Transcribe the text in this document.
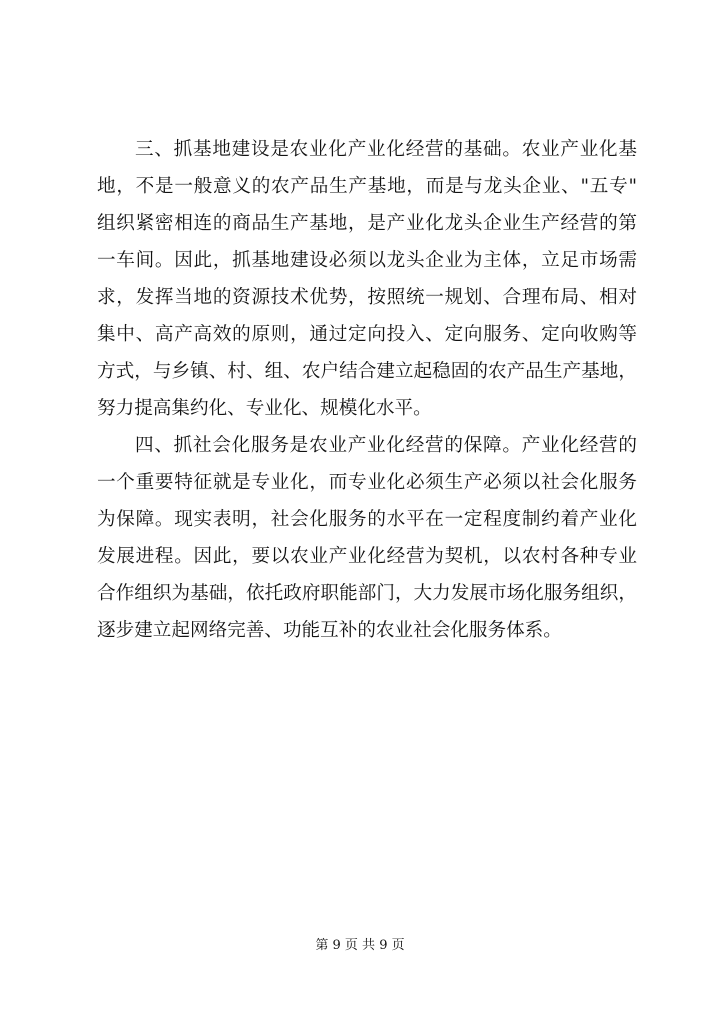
三、抓基地建设是农业化产业化经营的基础。农业产业化基
地，不是一般意义的农产品生产基地，而是与龙头企业、"五专"
组织紧密相连的商品生产基地，是产业化龙头企业生产经营的第
一车间。因此，抓基地建设必须以龙头企业为主体，立足市场需
求，发挥当地的资源技术优势，按照统一规划、合理布局、相对
集中、高产高效的原则，通过定向投入、定向服务、定向收购等
方式，与乡镇、村、组、农户结合建立起稳固的农产品生产基地，
努力提高集约化、专业化、规模化水平。
四、抓社会化服务是农业产业化经营的保障。产业化经营的
一个重要特征就是专业化，而专业化必须生产必须以社会化服务
为保障。现实表明，社会化服务的水平在一定程度制约着产业化
发展进程。因此，要以农业产业化经营为契机，以农村各种专业
合作组织为基础，依托政府职能部门，大力发展市场化服务组织，
逐步建立起网络完善、功能互补的农业社会化服务体系。
第 9 页 共 9 页
